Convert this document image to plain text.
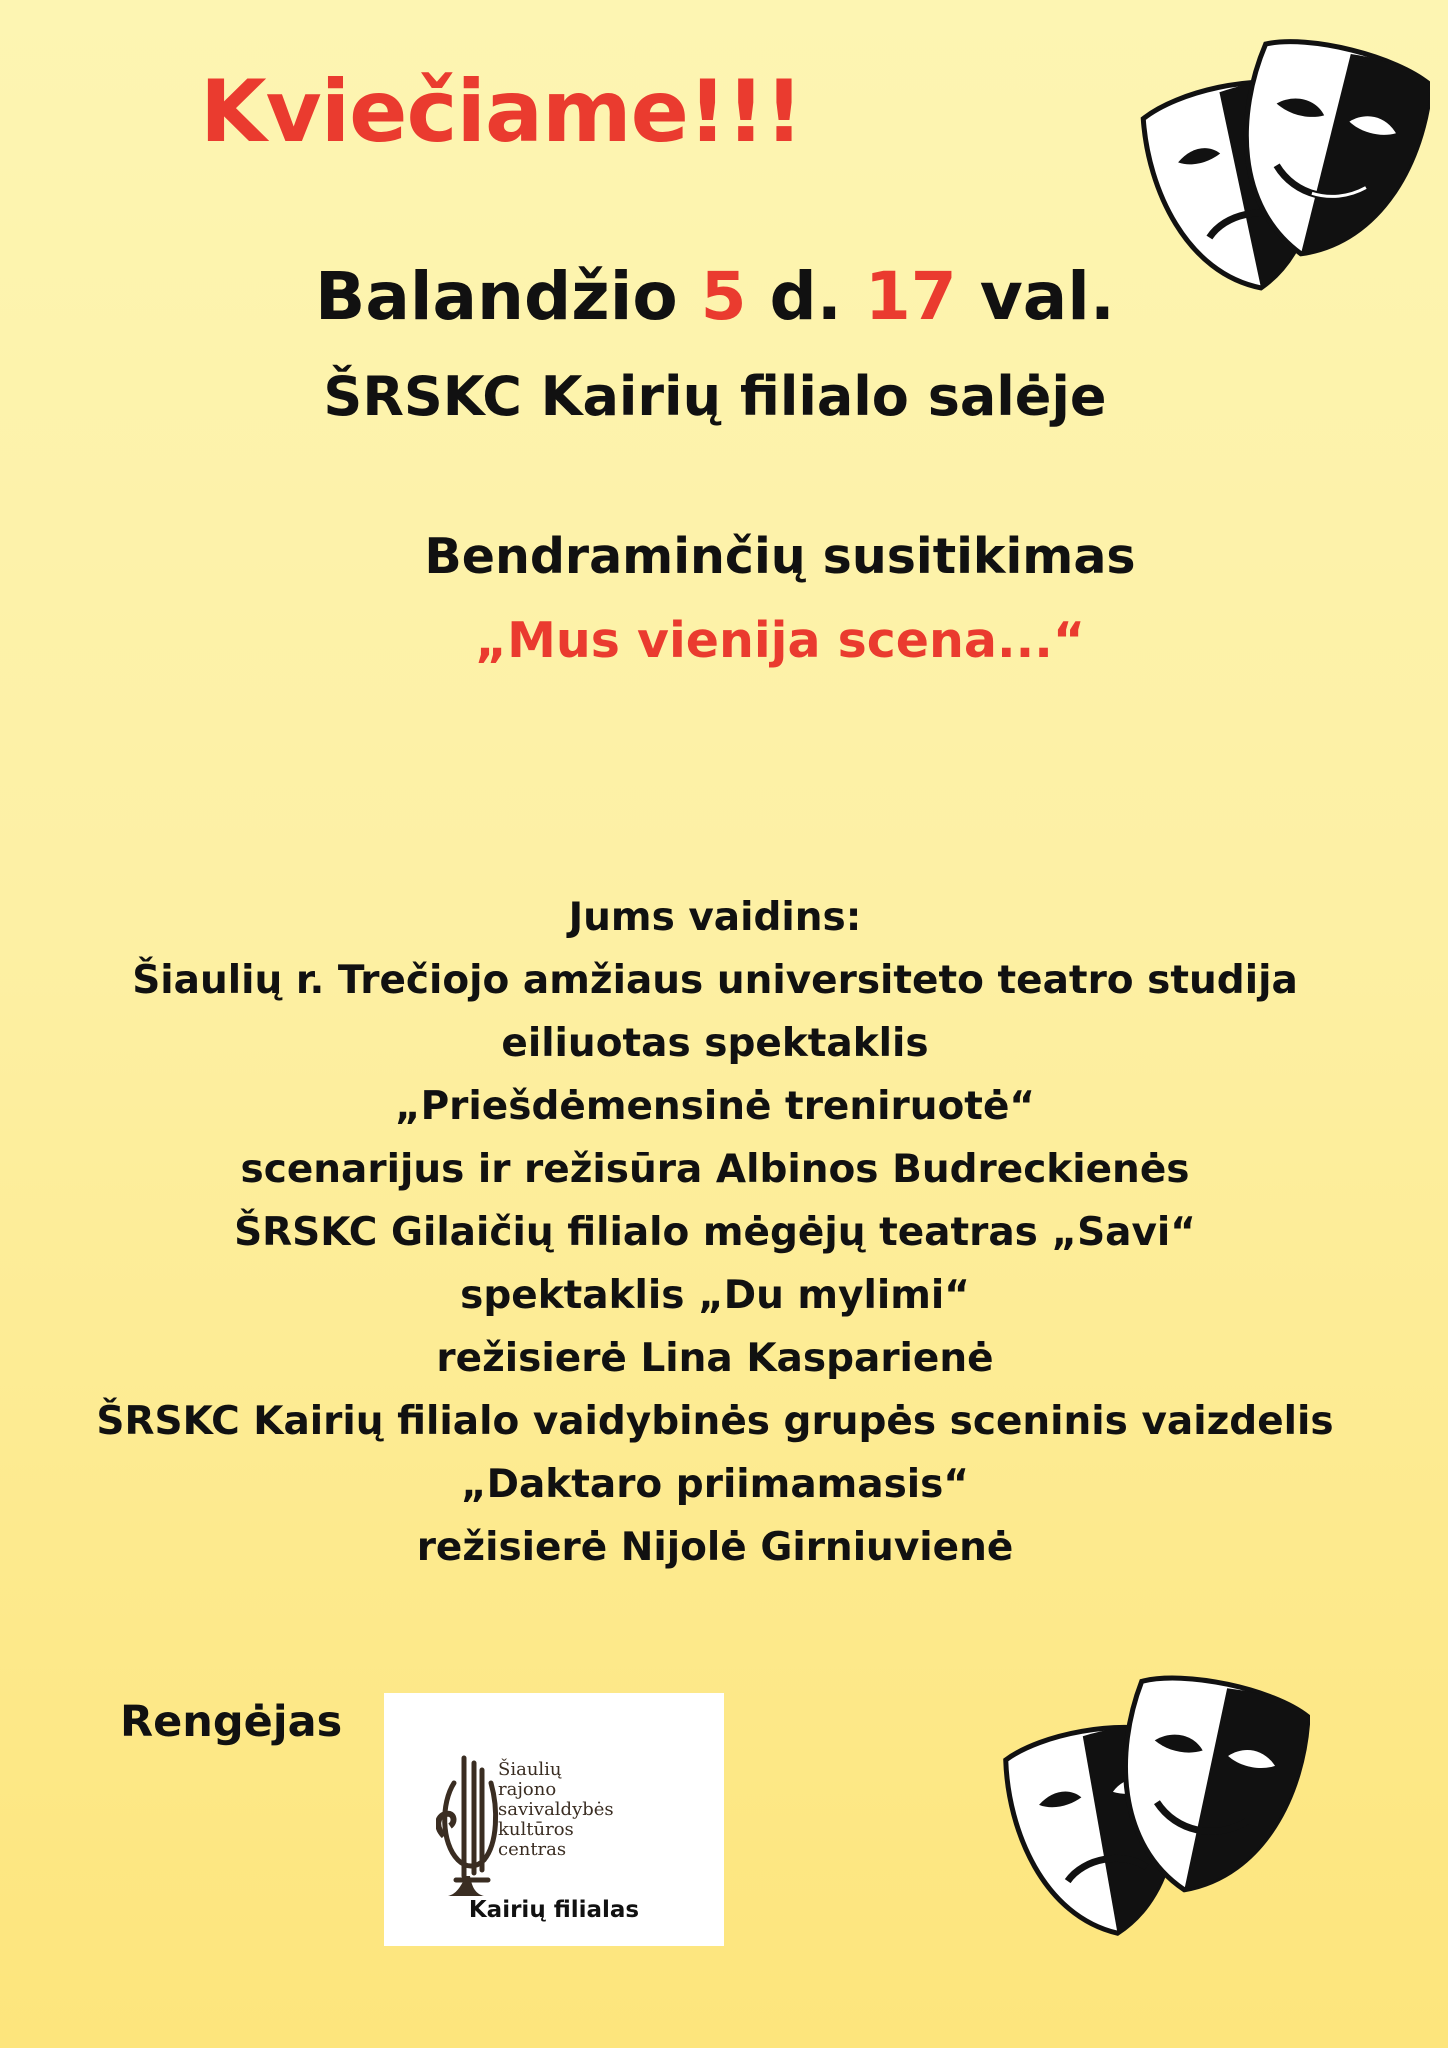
Kviečiame!!!
Balandžio 5 d. 17 val.
ŠRSKC Kairių filialo salėje
Bendraminčių susitikimas
„Mus vienija scena...“
Jums vaidins:
Šiaulių r. Trečiojo amžiaus universiteto teatro studija
eiliuotas spektaklis
„Priešdėmensinė treniruotė“
scenarijus ir režisūra Albinos Budreckienės
ŠRSKC Gilaičių filialo mėgėjų teatras „Savi“
spektaklis „Du mylimi“
režisierė Lina Kasparienė
ŠRSKC Kairių filialo vaidybinės grupės sceninis vaizdelis
„Daktaro priimamasis“
režisierė Nijolė Girniuvienė
Rengėjas
Šiaulių
rajono
savivaldybės
kultūros
centras
Kairių filialas
